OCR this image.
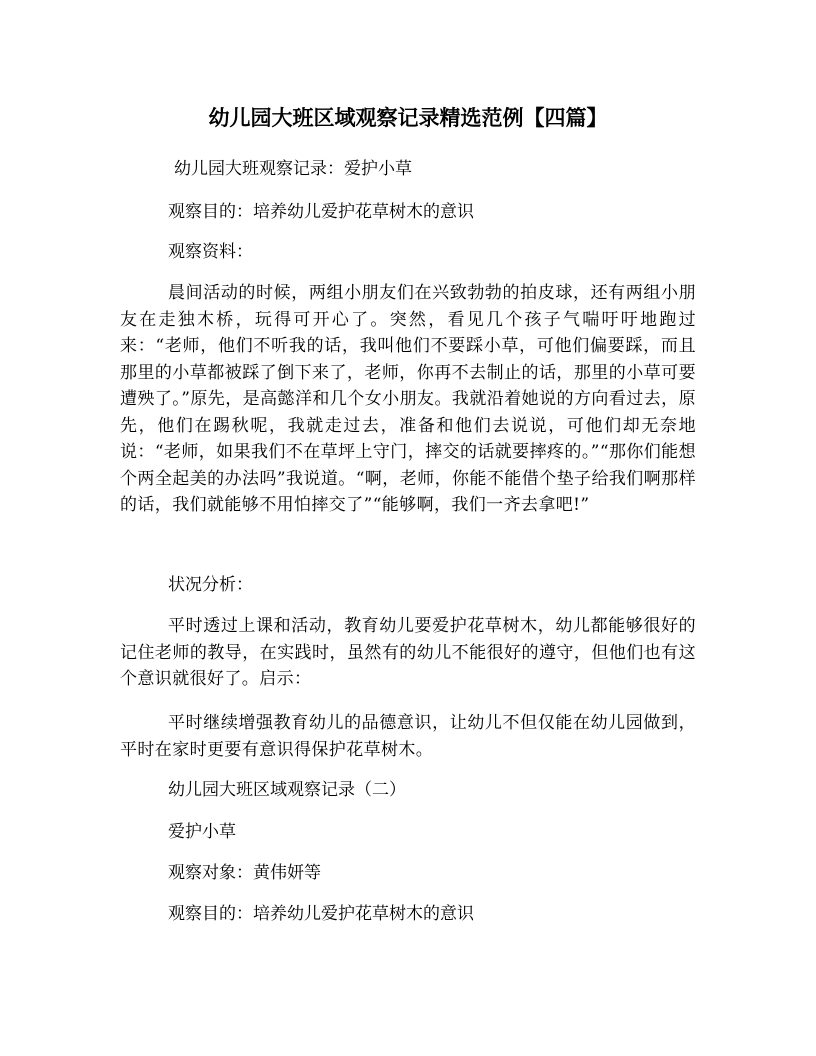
幼儿园大班区域观察记录精选范例【四篇】

幼儿园大班观察记录：爱护小草

观察目的：培养幼儿爱护花草树木的意识

观察资料：

晨间活动的时候，两组小朋友们在兴致勃勃的拍皮球，还有两组小朋友在走独木桥，玩得可开心了。突然，看见几个孩子气喘吁吁地跑过来：“老师，他们不听我的话，我叫他们不要踩小草，可他们偏要踩，而且那里的小草都被踩了倒下来了，老师，你再不去制止的话，那里的小草可要遭殃了。”原先，是高懿洋和几个女小朋友。我就沿着她说的方向看过去，原先，他们在踢秋呢，我就走过去，准备和他们去说说，可他们却无奈地说：“老师，如果我们不在草坪上守门，摔交的话就要摔疼的。”“那你们能想个两全起美的办法吗”我说道。“啊，老师，你能不能借个垫子给我们啊那样的话，我们就能够不用怕摔交了”“能够啊，我们一齐去拿吧!”

状况分析：

平时透过上课和活动，教育幼儿要爱护花草树木，幼儿都能够很好的记住老师的教导，在实践时，虽然有的幼儿不能很好的遵守，但他们也有这个意识就很好了。启示：

平时继续增强教育幼儿的品德意识，让幼儿不但仅能在幼儿园做到，平时在家时更要有意识得保护花草树木。

幼儿园大班区域观察记录（二）

爱护小草

观察对象：黄伟妍等

观察目的：培养幼儿爱护花草树木的意识
